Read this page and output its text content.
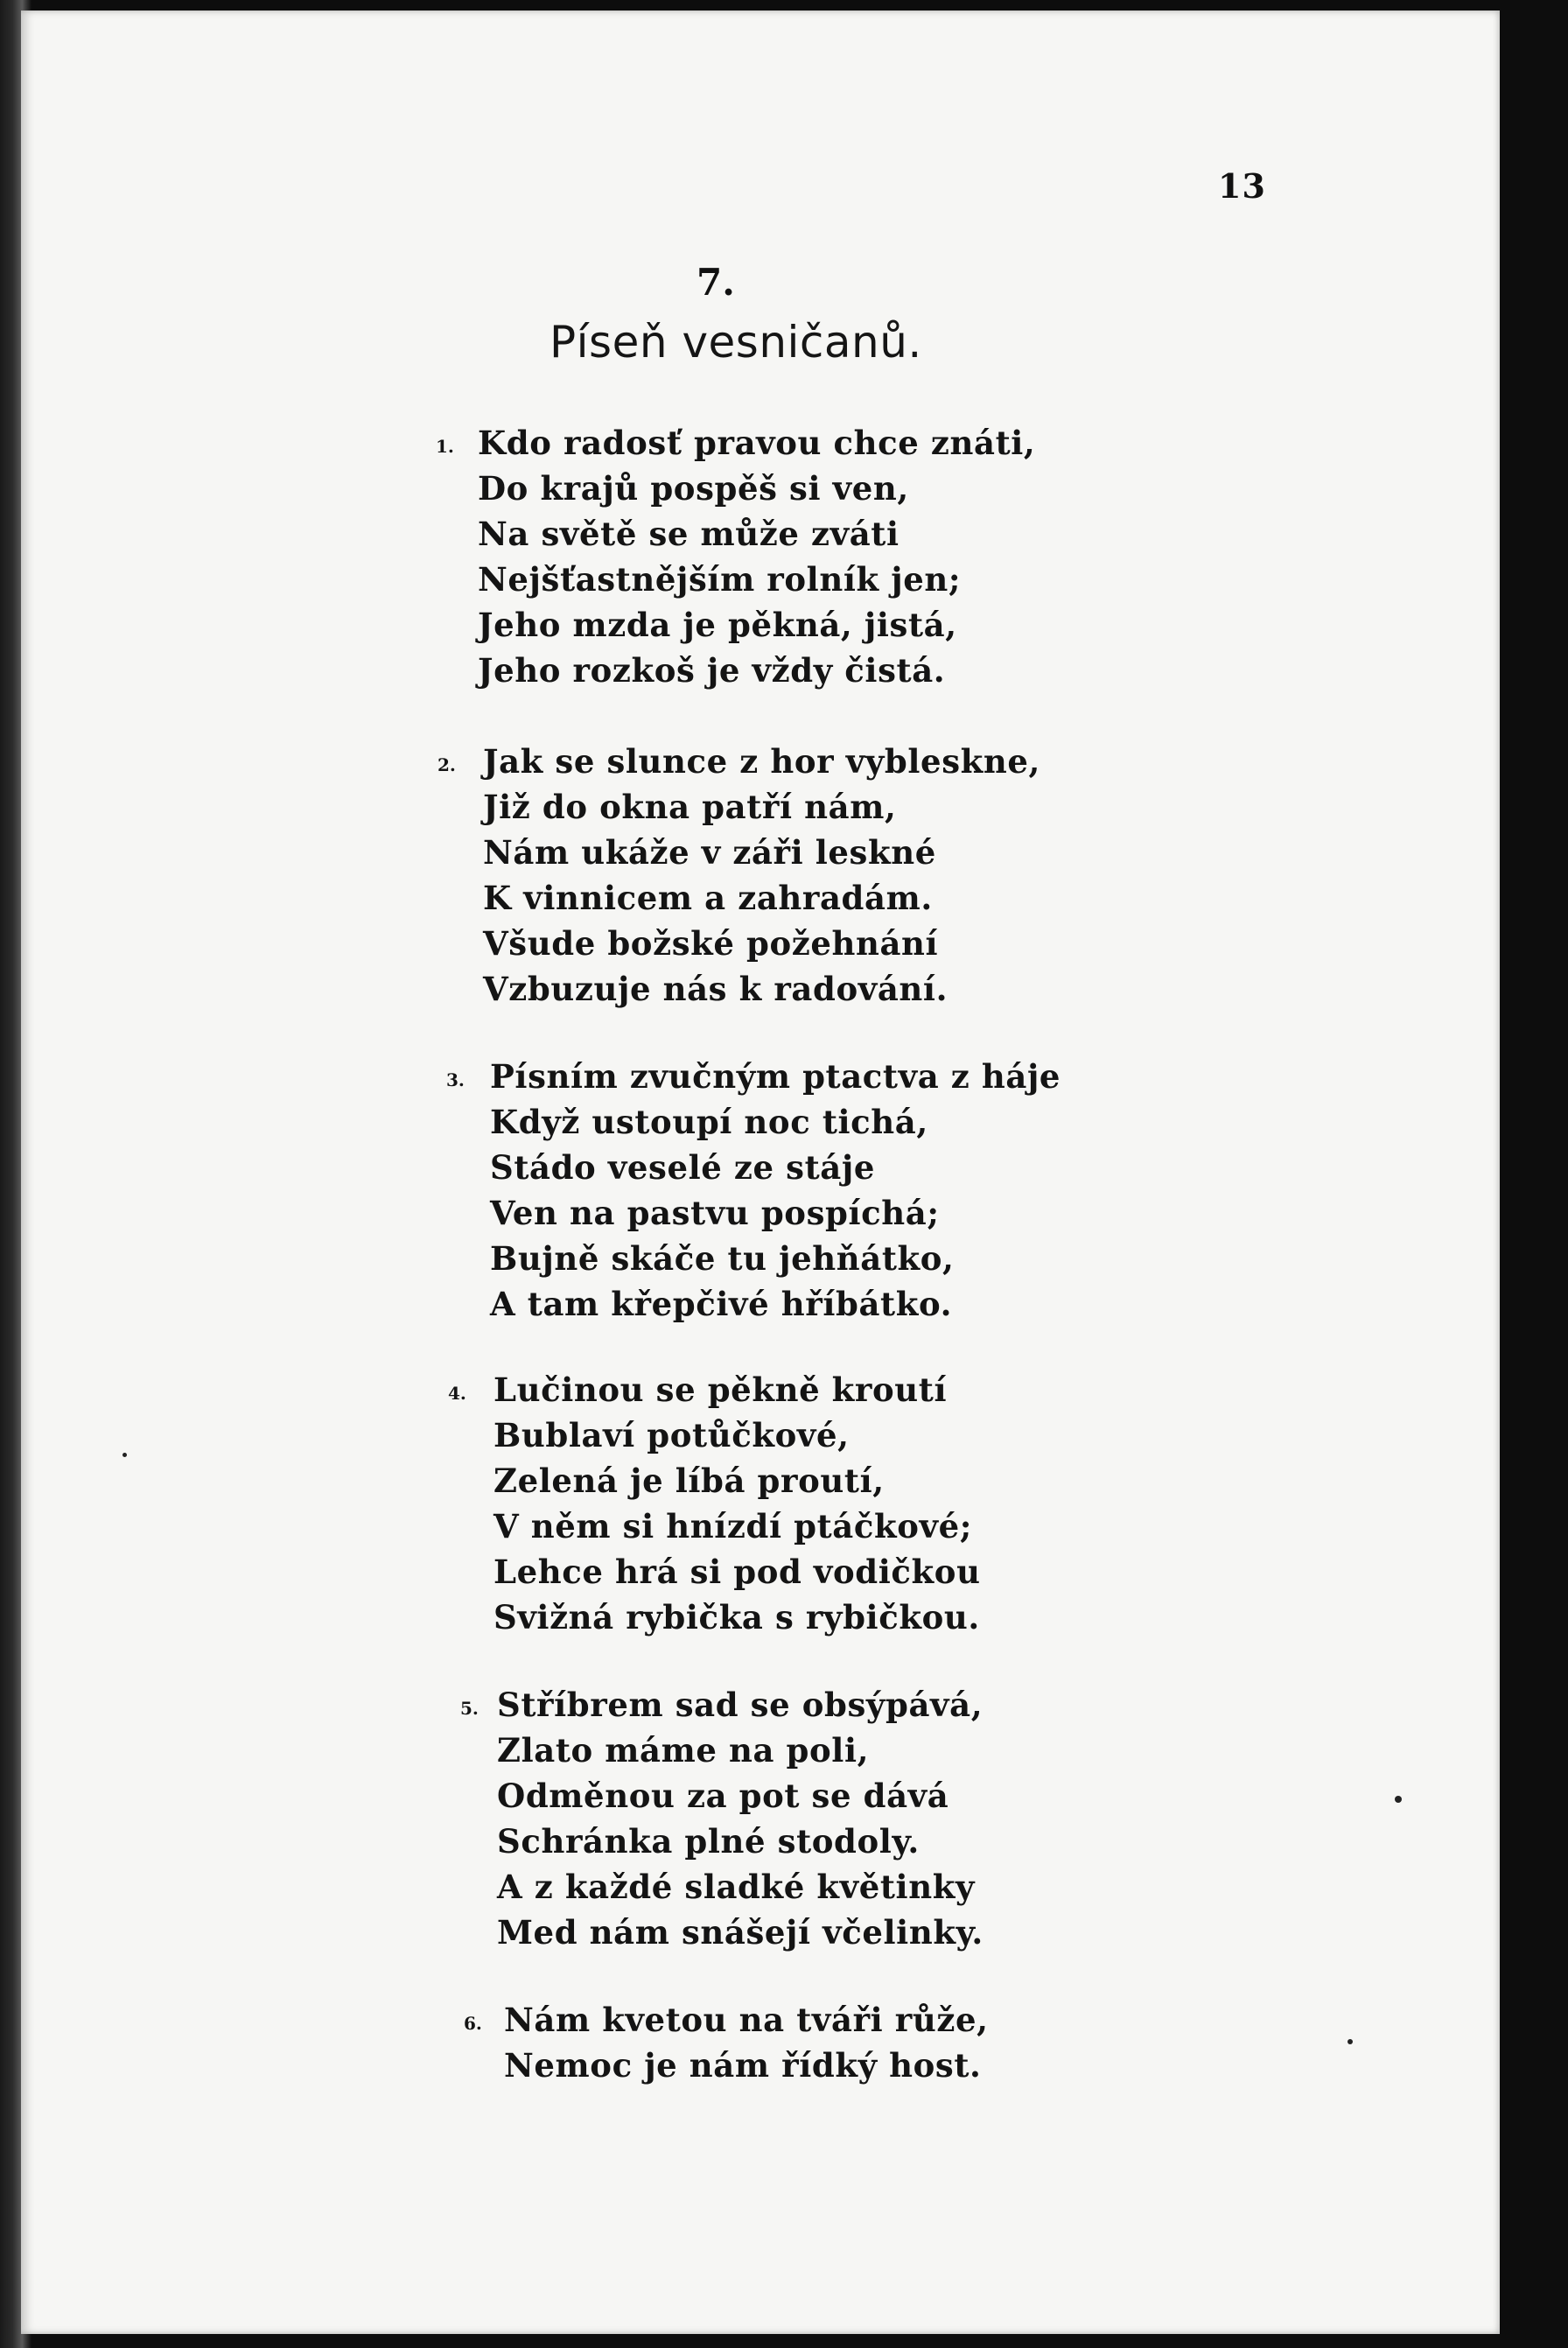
13
7.
Píseň vesničanů.
1. Kdo radosť pravou chce znáti,
Do krajů pospěš si ven,
Na světě se může zváti
Nejšťastnějším rolník jen;
Jeho mzda je pěkná, jistá,
Jeho rozkoš je vždy čistá.
2. Jak se slunce z hor vybleskne,
Již do okna patří nám,
Nám ukáže v záři leskné
K vinnicem a zahradám.
Všude božské požehnání
Vzbuzuje nás k radování.
3. Písním zvučným ptactva z háje
Když ustoupí noc tichá,
Stádo veselé ze stáje
Ven na pastvu pospíchá;
Bujně skáče tu jehňátko,
A tam křepčivé hříbátko.
4. Lučinou se pěkně kroutí
Bublaví potůčkové,
Zelená je líbá proutí,
V něm si hnízdí ptáčkové;
Lehce hrá si pod vodičkou
Svižná rybička s rybičkou.
5. Stříbrem sad se obsýpává,
Zlato máme na poli,
Odměnou za pot se dává
Schránka plné stodoly.
A z každé sladké květinky
Med nám snášejí včelinky.
6. Nám kvetou na tváři růže,
Nemoc je nám řídký host.
